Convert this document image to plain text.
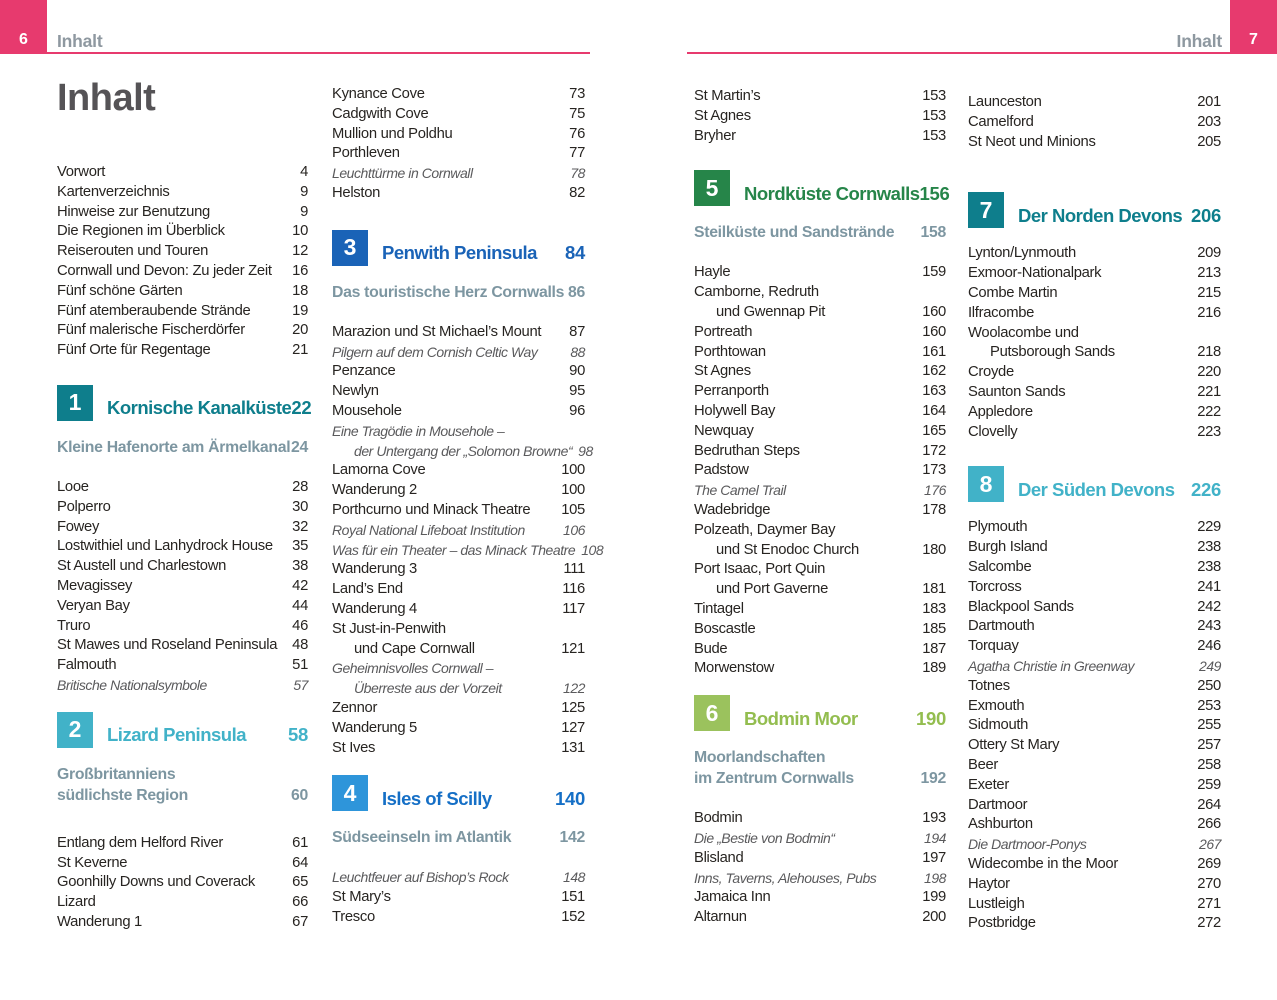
6 Inhalt	Inhalt 7
Inhalt
Vorwort	4
Kartenverzeichnis	9
Hinweise zur Benutzung	9
Die Regionen im Überblick	10
Reiserouten und Touren	12
Cornwall und Devon: Zu jeder Zeit 16
Fünf schöne Gärten	18
Fünf atemberaubende Strände	19
Fünf malerische Fischerdörfer	20
Fünf Orte für Regentage	21
1	Kornische Kanalküste 22
Kleine Hafenorte am Ärmelkanal 24
Looe	28
Polperro	30
Fowey	32
Lostwithiel und Lanhydrock House 35
St Austell und Charlestown	38
Mevagissey	42
Veryan Bay	44
Truro	46
St Mawes und Roseland Peninsula 48
Falmouth	51
Britische Nationalsymbole	57
2	Lizard Peninsula	58
Großbritanniens
südlichste Region	60
Entlang dem Helford River	61
St Keverne	64
Goonhilly Downs und Coverack	65
Lizard	66
Wanderung 1	67
Kynance Cove	73
Cadgwith Cove	75
Mullion und Poldhu	76
Porthleven	77
Leuchttürme in Cornwall	78
Helston	82
3	Penwith Peninsula	84
Das touristische Herz Cornwalls 86
Marazion und St Michael’s Mount 87
Pilgern auf dem Cornish Celtic Way 88
Penzance	90
Newlyn	95
Mousehole	96
Eine Tragödie in Mousehole –
der Untergang der „Solomon Browne“ 98
Lamorna Cove	100
Wanderung 2	100
Porthcurno und Minack Theatre 105
Royal National Lifeboat Institution	106
Was für ein Theater – das Minack Theatre 108
Wanderung 3	111
Land’s End	116
Wanderung 4	117
St Just-in-Penwith
und Cape Cornwall	121
Geheimnisvolles Cornwall –
Überreste aus der Vorzeit	122
Zennor	125
Wanderung 5	127
St Ives	131
4	Isles of Scilly	140
Südseeinseln im Atlantik	142
Leuchtfeuer auf Bishop’s Rock	148
St Mary’s	151
Tresco	152
St Martin’s	153
St Agnes	153
Bryher	153
5	Nordküste Cornwalls 156
Steilküste und Sandstrände 158
Hayle	159
Camborne, Redruth
und Gwennap Pit	160
Portreath	160
Porthtowan	161
St Agnes	162
Perranporth	163
Holywell Bay	164
Newquay	165
Bedruthan Steps	172
Padstow	173
The Camel Trail	176
Wadebridge	178
Polzeath, Daymer Bay
und St Enodoc Church	180
Port Isaac, Port Quin
und Port Gaverne	181
Tintagel	183
Boscastle	185
Bude	187
Morwenstow	189
6	Bodmin Moor	190
Moorlandschaften
im Zentrum Cornwalls	192
Bodmin	193
Die „Bestie von Bodmin“	194
Blisland	197
Inns, Taverns, Alehouses, Pubs	198
Jamaica Inn	199
Altarnun	200
Launceston	201
Camelford	203
St Neot und Minions	205
7	Der Norden Devons 206
Lynton/Lynmouth	209
Exmoor-Nationalpark	213
Combe Martin	215
Ilfracombe	216
Woolacombe und
Putsborough Sands	218
Croyde	220
Saunton Sands	221
Appledore	222
Clovelly	223
8	Der Süden Devons 226
Plymouth	229
Burgh Island	238
Salcombe	238
Torcross	241
Blackpool Sands	242
Dartmouth	243
Torquay	246
Agatha Christie in Greenway	249
Totnes	250
Exmouth	253
Sidmouth	255
Ottery St Mary	257
Beer	258
Exeter	259
Dartmoor	264
Ashburton	266
Die Dartmoor-Ponys	267
Widecombe in the Moor	269
Haytor	270
Lustleigh	271
Postbridge	272
